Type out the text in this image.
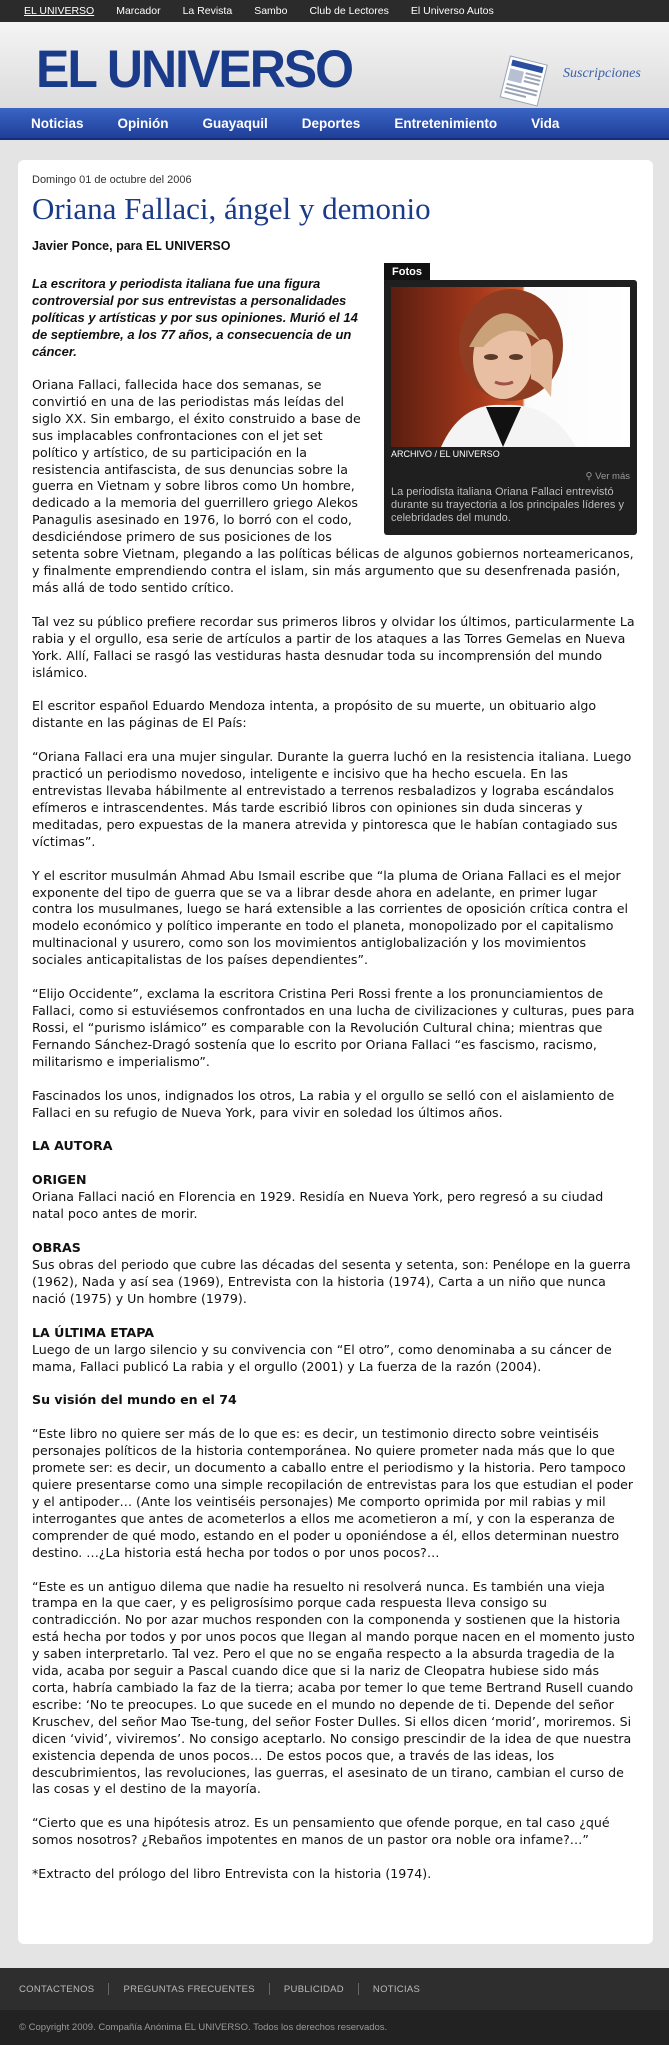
EL UNIVERSO Marcador La Revista Sambo Club de Lectores El Universo Autos
EL UNIVERSO	Suscripciones
Noticias	Opinión	Guayaquil	Deportes	Entretenimiento	Vida
Domingo 01 de octubre del 2006
Oriana Fallaci, ángel y demonio
Javier Ponce, para EL UNIVERSO
Fotos
ARCHIVO / EL UNIVERSO
⚲ Ver más
La periodista italiana Oriana Fallaci entrevistó durante su trayectoria a los principales líderes y celebridades del mundo.
La escritora y periodista italiana fue una figura controversial por sus entrevistas a personalidades políticas y artísticas y por sus opiniones. Murió el 14 de septiembre, a los 77 años, a consecuencia de un cáncer.

Oriana Fallaci, fallecida hace dos semanas, se convirtió en una de las periodistas más leídas del siglo XX. Sin embargo, el éxito construido a base de sus implacables confrontaciones con el jet set político y artístico, de su participación en la resistencia antifascista, de sus denuncias sobre la guerra en Vietnam y sobre libros como Un hombre, dedicado a la memoria del guerrillero griego Alekos Panagulis asesinado en 1976, lo borró con el codo, desdiciéndose primero de sus posiciones de los setenta sobre Vietnam, plegando a las políticas bélicas de algunos gobiernos norteamericanos, y finalmente emprendiendo contra el islam, sin más argumento que su desenfrenada pasión, más allá de todo sentido crítico.

Tal vez su público prefiere recordar sus primeros libros y olvidar los últimos, particularmente La rabia y el orgullo, esa serie de artículos a partir de los ataques a las Torres Gemelas en Nueva York. Allí, Fallaci se rasgó las vestiduras hasta desnudar toda su incomprensión del mundo islámico.

El escritor español Eduardo Mendoza intenta, a propósito de su muerte, un obituario algo distante en las páginas de El País:

“Oriana Fallaci era una mujer singular. Durante la guerra luchó en la resistencia italiana. Luego practicó un periodismo novedoso, inteligente e incisivo que ha hecho escuela. En las entrevistas llevaba hábilmente al entrevistado a terrenos resbaladizos y lograba escándalos efímeros e intrascendentes. Más tarde escribió libros con opiniones sin duda sinceras y meditadas, pero expuestas de la manera atrevida y pintoresca que le habían contagiado sus víctimas”.

Y el escritor musulmán Ahmad Abu Ismail escribe que “la pluma de Oriana Fallaci es el mejor exponente del tipo de guerra que se va a librar desde ahora en adelante, en primer lugar contra los musulmanes, luego se hará extensible a las corrientes de oposición crítica contra el modelo económico y político imperante en todo el planeta, monopolizado por el capitalismo multinacional y usurero, como son los movimientos antiglobalización y los movimientos sociales anticapitalistas de los países dependientes”.

“Elijo Occidente”, exclama la escritora Cristina Peri Rossi frente a los pronunciamientos de Fallaci, como si estuviésemos confrontados en una lucha de civilizaciones y culturas, pues para Rossi, el “purismo islámico” es comparable con la Revolución Cultural china; mientras que Fernando Sánchez-Dragó sostenía que lo escrito por Oriana Fallaci “es fascismo, racismo, militarismo e imperialismo”.

Fascinados los unos, indignados los otros, La rabia y el orgullo se selló con el aislamiento de Fallaci en su refugio de Nueva York, para vivir en soledad los últimos años.

LA AUTORA
ORIGEN

Oriana Fallaci nació en Florencia en 1929. Residía en Nueva York, pero regresó a su ciudad natal poco antes de morir.

OBRAS

Sus obras del periodo que cubre las décadas del sesenta y setenta, son: Penélope en la guerra (1962), Nada y así sea (1969), Entrevista con la historia (1974), Carta a un niño que nunca nació (1975) y Un hombre (1979).

LA ÚLTIMA ETAPA

Luego de un largo silencio y su convivencia con “El otro”, como denominaba a su cáncer de mama, Fallaci publicó La rabia y el orgullo (2001) y La fuerza de la razón (2004).

Su visión del mundo en el 74

“Este libro no quiere ser más de lo que es: es decir, un testimonio directo sobre veintiséis personajes políticos de la historia contemporánea. No quiere prometer nada más que lo que promete ser: es decir, un documento a caballo entre el periodismo y la historia. Pero tampoco quiere presentarse como una simple recopilación de entrevistas para los que estudian el poder y el antipoder… (Ante los veintiséis personajes) Me comporto oprimida por mil rabias y mil interrogantes que antes de acometerlos a ellos me acometieron a mí, y con la esperanza de comprender de qué modo, estando en el poder u oponiéndose a él, ellos determinan nuestro destino. …¿La historia está hecha por todos o por unos pocos?…

“Este es un antiguo dilema que nadie ha resuelto ni resolverá nunca. Es también una vieja trampa en la que caer, y es peligrosísimo porque cada respuesta lleva consigo su contradicción. No por azar muchos responden con la componenda y sostienen que la historia está hecha por todos y por unos pocos que llegan al mando porque nacen en el momento justo y saben interpretarlo. Tal vez. Pero el que no se engaña respecto a la absurda tragedia de la vida, acaba por seguir a Pascal cuando dice que si la nariz de Cleopatra hubiese sido más corta, habría cambiado la faz de la tierra; acaba por temer lo que teme Bertrand Rusell cuando escribe: ‘No te preocupes. Lo que sucede en el mundo no depende de ti. Depende del señor Kruschev, del señor Mao Tse-tung, del señor Foster Dulles. Si ellos dicen ‘morid’, moriremos. Si dicen ‘vivid’, viviremos’. No consigo aceptarlo. No consigo prescindir de la idea de que nuestra existencia dependa de unos pocos… De estos pocos que, a través de las ideas, los descubrimientos, las revoluciones, las guerras, el asesinato de un tirano, cambian el curso de las cosas y el destino de la mayoría.

“Cierto que es una hipótesis atroz. Es un pensamiento que ofende porque, en tal caso ¿qué somos nosotros? ¿Rebaños impotentes en manos de un pastor ora noble ora infame?…”

*Extracto del prólogo del libro Entrevista con la historia (1974).

CONTACTENOS	PREGUNTAS FRECUENTES	PUBLICIDAD	NOTICIAS
© Copyright 2009. Compañía Anónima EL UNIVERSO. Todos los derechos reservados.
